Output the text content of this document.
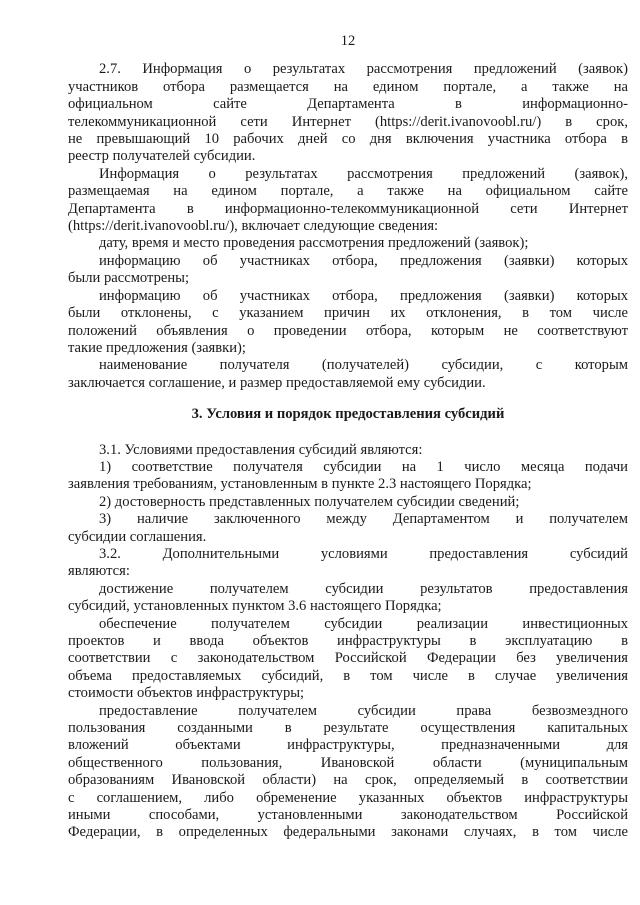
12
2.7. Информация о результатах рассмотрения предложений (заявок)
участников отбора размещается на едином портале, а также на
официальном сайте Департамента в информационно-
телекоммуникационной сети Интернет (https://derit.ivanovoobl.ru/) в срок,
не превышающий 10 рабочих дней со дня включения участника отбора в
реестр получателей субсидии.
Информация о результатах рассмотрения предложений (заявок),
размещаемая на едином портале, а также на официальном сайте
Департамента в информационно-телекоммуникационной сети Интернет
(https://derit.ivanovoobl.ru/), включает следующие сведения:
дату, время и место проведения рассмотрения предложений (заявок);
информацию об участниках отбора, предложения (заявки) которых
были рассмотрены;
информацию об участниках отбора, предложения (заявки) которых
были отклонены, с указанием причин их отклонения, в том числе
положений объявления о проведении отбора, которым не соответствуют
такие предложения (заявки);
наименование получателя (получателей) субсидии, с которым
заключается соглашение, и размер предоставляемой ему субсидии.
3. Условия и порядок предоставления субсидий
3.1. Условиями предоставления субсидий являются:
1) соответствие получателя субсидии на 1 число месяца подачи
заявления требованиям, установленным в пункте 2.3 настоящего Порядка;
2) достоверность представленных получателем субсидии сведений;
3) наличие заключенного между Департаментом и получателем
субсидии соглашения.
3.2. Дополнительными условиями предоставления субсидий
являются:
достижение получателем субсидии результатов предоставления
субсидий, установленных пунктом 3.6 настоящего Порядка;
обеспечение получателем субсидии реализации инвестиционных
проектов и ввода объектов инфраструктуры в эксплуатацию в
соответствии с законодательством Российской Федерации без увеличения
объема предоставляемых субсидий, в том числе в случае увеличения
стоимости объектов инфраструктуры;
предоставление получателем субсидии права безвозмездного
пользования созданными в результате осуществления капитальных
вложений объектами инфраструктуры, предназначенными для
общественного пользования, Ивановской области (муниципальным
образованиям Ивановской области) на срок, определяемый в соответствии
с соглашением, либо обременение указанных объектов инфраструктуры
иными способами, установленными законодательством Российской
Федерации, в определенных федеральными законами случаях, в том числе
